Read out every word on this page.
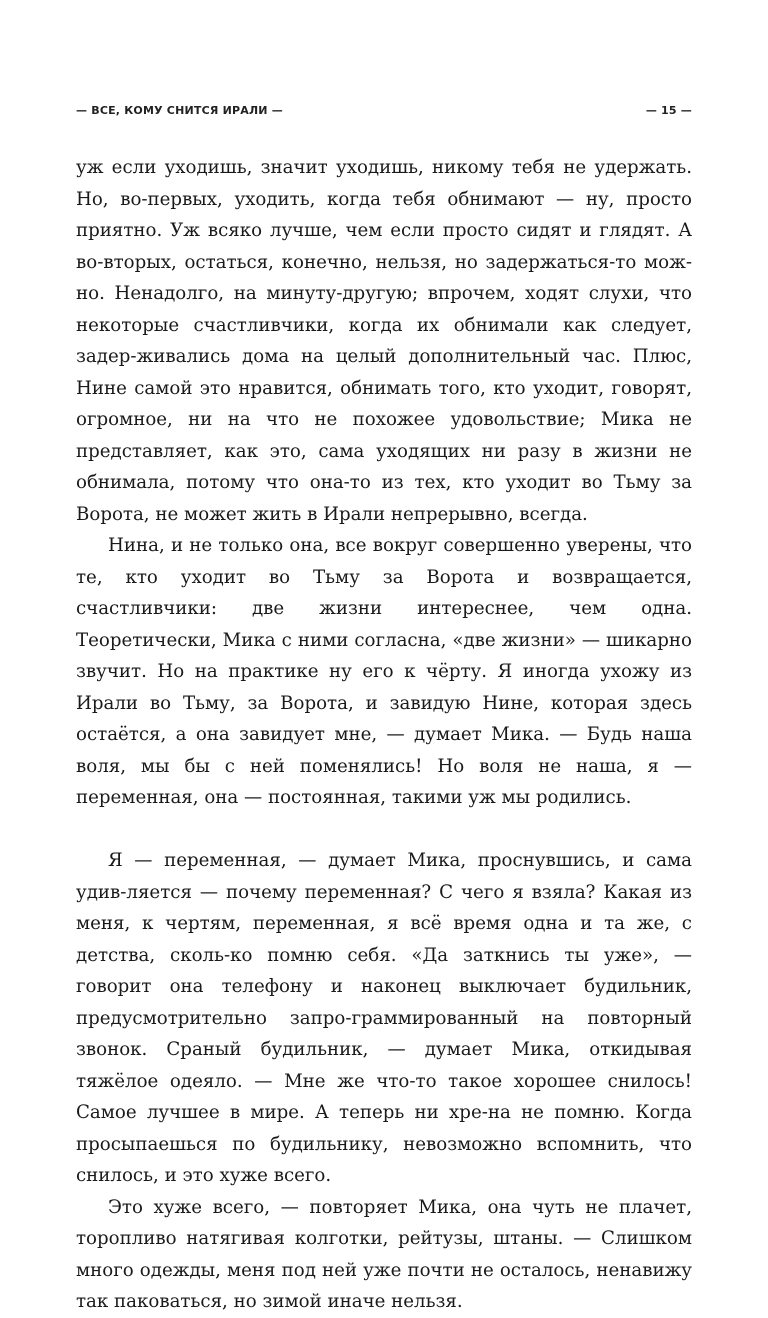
— ВСЕ, КОМУ СНИТСЯ ИРАЛИ —	— 15 —

уж если уходишь, значит уходишь, никому тебя не удержать. Но, во-первых, уходить, когда тебя обнимают — ну, просто приятно. Уж всяко лучше, чем если просто сидят и глядят. А во-вторых, остаться, конечно, нельзя, но задержаться-то мож-но. Ненадолго, на минуту-другую; впрочем, ходят слухи, что некоторые счастливчики, когда их обнимали как следует, задер-живались дома на целый дополнительный час. Плюс, Нине самой это нравится, обнимать того, кто уходит, говорят, огромное, ни на что не похожее удовольствие; Мика не представляет, как это, сама уходящих ни разу в жизни не обнимала, потому что она-то из тех, кто уходит во Тьму за Ворота, не может жить в Ирали непрерывно, всегда.

Нина, и не только она, все вокруг совершенно уверены, что те, кто уходит во Тьму за Ворота и возвращается, счастливчики: две жизни интереснее, чем одна. Теоретически, Мика с ними согласна, «две жизни» — шикарно звучит. Но на практике ну его к чёрту. Я иногда ухожу из Ирали во Тьму, за Ворота, и завидую Нине, которая здесь остаётся, а она завидует мне, — думает Мика. — Будь наша воля, мы бы с ней поменялись! Но воля не наша, я — переменная, она — постоянная, такими уж мы родились.

Я — переменная, — думает Мика, проснувшись, и сама удив-ляется — почему переменная? С чего я взяла? Какая из меня, к чертям, переменная, я всё время одна и та же, с детства, сколь-ко помню себя. «Да заткнись ты уже», — говорит она телефону и наконец выключает будильник, предусмотрительно запро-граммированный на повторный звонок. Сраный будильник, — думает Мика, откидывая тяжёлое одеяло. — Мне же что-то такое хорошее снилось! Самое лучшее в мире. А теперь ни хре-на не помню. Когда просыпаешься по будильнику, невозможно вспомнить, что снилось, и это хуже всего.

Это хуже всего, — повторяет Мика, она чуть не плачет, торопливо натягивая колготки, рейтузы, штаны. — Слишком много одежды, меня под ней уже почти не осталось, ненавижу так паковаться, но зимой иначе нельзя.
